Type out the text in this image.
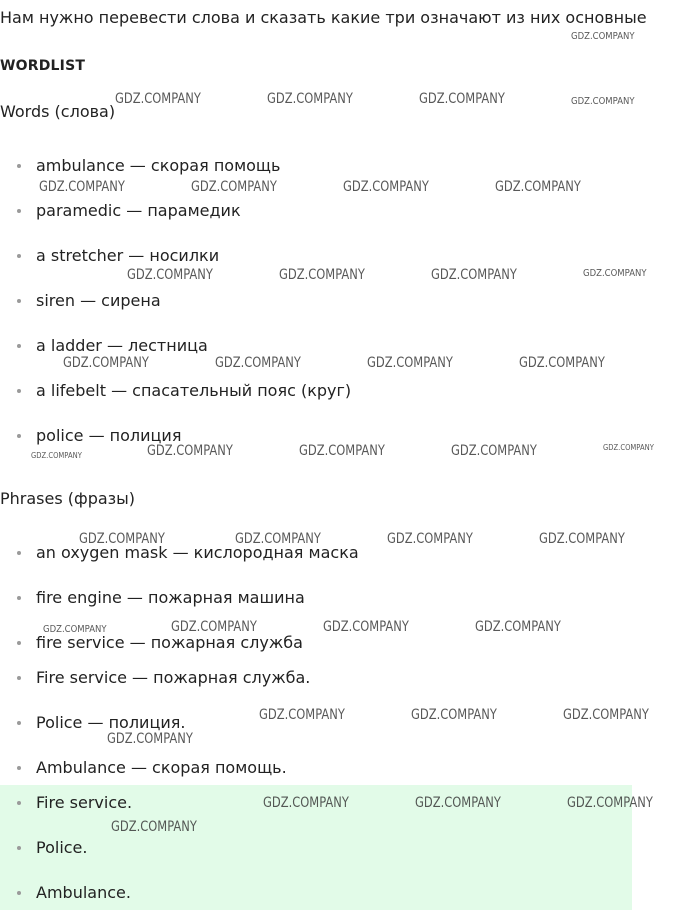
Нам нужно перевести слова и сказать какие три означают из них основные
WORDLIST
Words (слова)
ambulance — скорая помощь
paramedic — парамедик
a stretcher — носилки
siren — сирена
a ladder — лестница
a lifebelt — спасательный пояс (круг)
police — полиция
Phrases (фразы)
an oxygen mask — кислородная маска
fire engine — пожарная машина
fire service — пожарная служба
Fire service — пожарная служба.
Police — полиция.
Ambulance — скорая помощь.
Fire service.
Police.
Ambulance.
GDZ.COMPANY
GDZ.COMPANY	GDZ.COMPANY	GDZ.COMPANY	GDZ.COMPANY
GDZ.COMPANY	GDZ.COMPANY	GDZ.COMPANY	GDZ.COMPANY
GDZ.COMPANY	GDZ.COMPANY	GDZ.COMPANY	GDZ.COMPANY
GDZ.COMPANY	GDZ.COMPANY	GDZ.COMPANY	GDZ.COMPANY
GDZ.COMPANY	GDZ.COMPANY	GDZ.COMPANY	GDZ.COMPANY	GDZ.COMPANY
GDZ.COMPANY	GDZ.COMPANY	GDZ.COMPANY	GDZ.COMPANY
GDZ.COMPANY	GDZ.COMPANY	GDZ.COMPANY	GDZ.COMPANY
GDZ.COMPANY	GDZ.COMPANY	GDZ.COMPANY
GDZ.COMPANY
GDZ.COMPANY	GDZ.COMPANY	GDZ.COMPANY
GDZ.COMPANY
